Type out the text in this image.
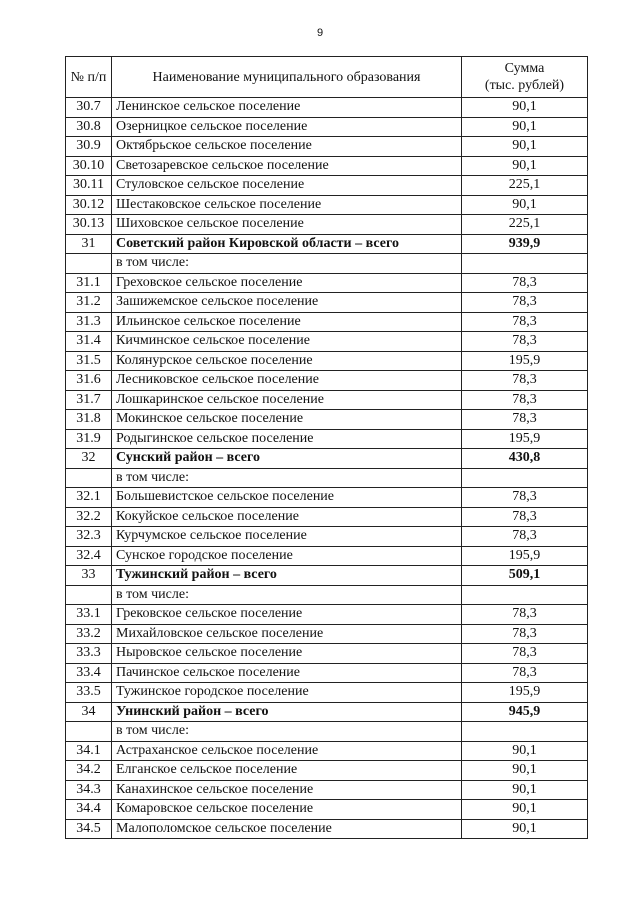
9
№ п/п	Наименование муниципального образования	Сумма
(тыс. рублей)
30.7	Ленинское сельское поселение	90,1
30.8	Озерницкое сельское поселение	90,1
30.9	Октябрьское сельское поселение	90,1
30.10	Светозаревское сельское поселение	90,1
30.11	Стуловское сельское поселение	225,1
30.12	Шестаковское сельское поселение	90,1
30.13	Шиховское сельское поселение	225,1
31	Советский район Кировской области – всего	939,9
	в том числе:	
31.1	Греховское сельское поселение	78,3
31.2	Зашижемское сельское поселение	78,3
31.3	Ильинское сельское поселение	78,3
31.4	Кичминское сельское поселение	78,3
31.5	Колянурское сельское поселение	195,9
31.6	Лесниковское сельское поселение	78,3
31.7	Лошкаринское сельское поселение	78,3
31.8	Мокинское сельское поселение	78,3
31.9	Родыгинское сельское поселение	195,9
32	Сунский район – всего	430,8
	в том числе:	
32.1	Большевистское сельское поселение	78,3
32.2	Кокуйское сельское поселение	78,3
32.3	Курчумское сельское поселение	78,3
32.4	Сунское городское поселение	195,9
33	Тужинский район – всего	509,1
	в том числе:	
33.1	Грековское сельское поселение	78,3
33.2	Михайловское сельское поселение	78,3
33.3	Ныровское сельское поселение	78,3
33.4	Пачинское сельское поселение	78,3
33.5	Тужинское городское поселение	195,9
34	Унинский район – всего	945,9
	в том числе:	
34.1	Астраханское сельское поселение	90,1
34.2	Елганское сельское поселение	90,1
34.3	Канахинское сельское поселение	90,1
34.4	Комаровское сельское поселение	90,1
34.5	Малополомское сельское поселение	90,1
